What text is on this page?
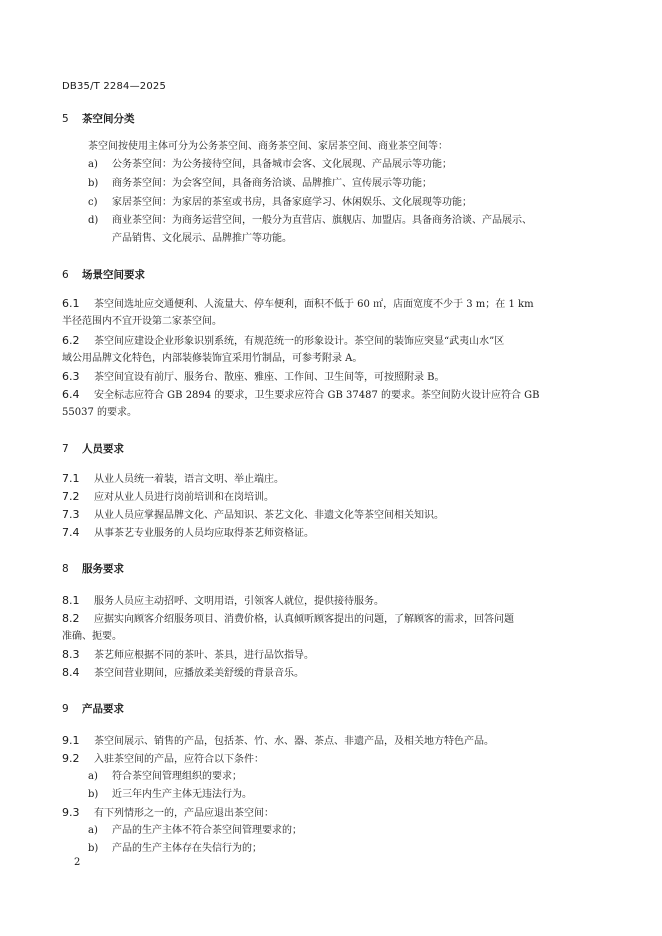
DB35/T 2284—2025
5 茶空间分类
茶空间按使用主体可分为公务茶空间、商务茶空间、家居茶空间、商业茶空间等：
a) 公务茶空间：为公务接待空间，具备城市会客、文化展现、产品展示等功能；
b) 商务茶空间：为会客空间，具备商务洽谈、品牌推广、宣传展示等功能；
c) 家居茶空间：为家居的茶室或书房，具备家庭学习、休闲娱乐、文化展现等功能；
d) 商业茶空间：为商务运营空间，一般分为直营店、旗舰店、加盟店。具备商务洽谈、产品展示、
产品销售、文化展示、品牌推广等功能。
6 场景空间要求
6.1 茶空间选址应交通便利、人流量大、停车便利，面积不低于 60 ㎡，店面宽度不少于 3 m；在 1 km
半径范围内不宜开设第二家茶空间。
6.2 茶空间应建设企业形象识别系统，有规范统一的形象设计。茶空间的装饰应突显“武夷山水”区
域公用品牌文化特色，内部装修装饰宜采用竹制品，可参考附录 A。
6.3 茶空间宜设有前厅、服务台、散座、雅座、工作间、卫生间等，可按照附录 B。
6.4 安全标志应符合 GB 2894 的要求，卫生要求应符合 GB 37487 的要求。茶空间防火设计应符合 GB
55037 的要求。
7 人员要求
7.1 从业人员统一着装，语言文明、举止端庄。
7.2 应对从业人员进行岗前培训和在岗培训。
7.3 从业人员应掌握品牌文化、产品知识、茶艺文化、非遗文化等茶空间相关知识。
7.4 从事茶艺专业服务的人员均应取得茶艺师资格证。
8 服务要求
8.1 服务人员应主动招呼、文明用语，引领客人就位，提供接待服务。
8.2 应据实向顾客介绍服务项目、消费价格，认真倾听顾客提出的问题，了解顾客的需求，回答问题
准确、扼要。
8.3 茶艺师应根据不同的茶叶、茶具，进行品饮指导。
8.4 茶空间营业期间，应播放柔美舒缓的背景音乐。
9 产品要求
9.1 茶空间展示、销售的产品，包括茶、竹、水、器、茶点、非遗产品，及相关地方特色产品。
9.2 入驻茶空间的产品，应符合以下条件：
a) 符合茶空间管理组织的要求；
b) 近三年内生产主体无违法行为。
9.3 有下列情形之一的，产品应退出茶空间：
a) 产品的生产主体不符合茶空间管理要求的；
b) 产品的生产主体存在失信行为的；
2
